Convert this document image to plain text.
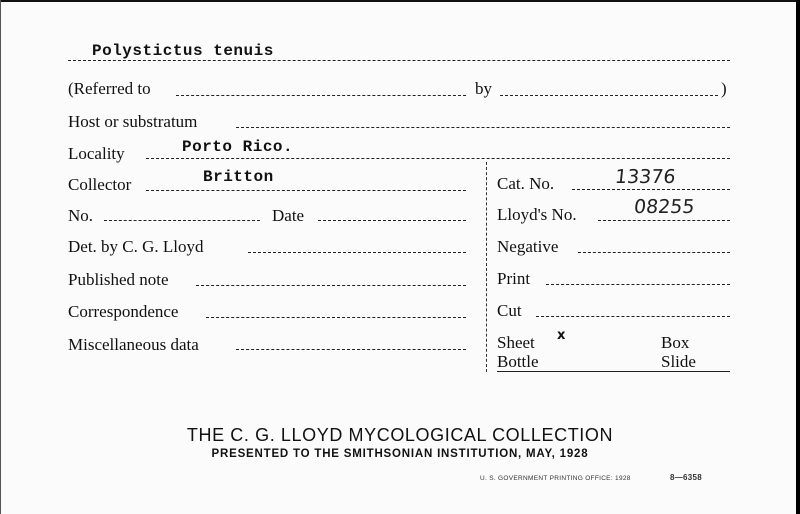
Polystictus tenuis
(Referred to	by	)
Host or substratum
Locality	Porto Rico.
Collector	Britton
No.	Date
Det. by C. G. Lloyd
Published note
Correspondence
Miscellaneous data
Cat. No.	13376
Lloyd's No.	08255
Negative
Print
Cut
Sheet x	Box
Bottle	Slide
THE C. G. LLOYD MYCOLOGICAL COLLECTION
PRESENTED TO THE SMITHSONIAN INSTITUTION, MAY, 1928
U. S. GOVERNMENT PRINTING OFFICE: 1928	8—6358
